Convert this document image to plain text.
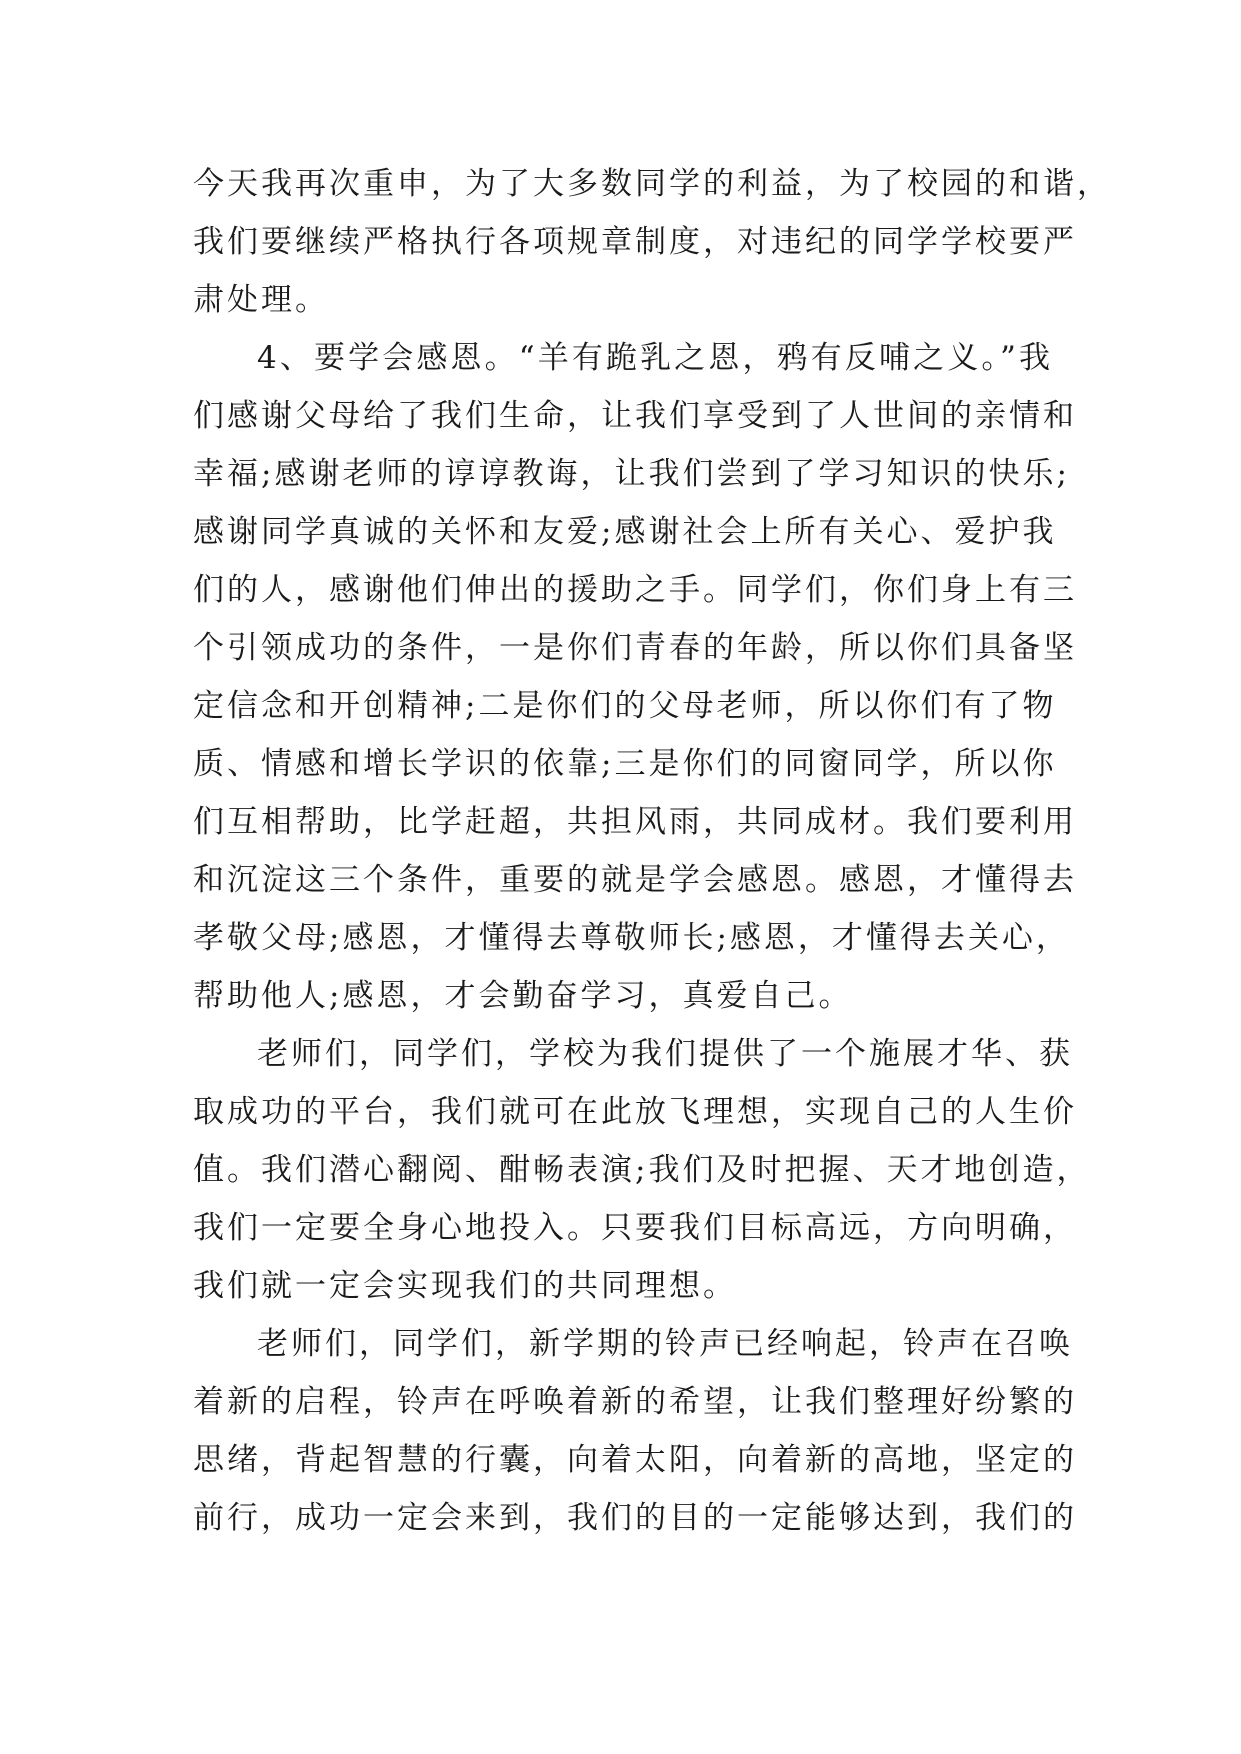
今天我再次重申，为了大多数同学的利益，为了校园的和谐，
我们要继续严格执行各项规章制度，对违纪的同学学校要严
肃处理。
4、要学会感恩。“羊有跪乳之恩，鸦有反哺之义。”我
们感谢父母给了我们生命，让我们享受到了人世间的亲情和
幸福;感谢老师的谆谆教诲，让我们尝到了学习知识的快乐;
感谢同学真诚的关怀和友爱;感谢社会上所有关心、爱护我
们的人，感谢他们伸出的援助之手。同学们，你们身上有三
个引领成功的条件，一是你们青春的年龄，所以你们具备坚
定信念和开创精神;二是你们的父母老师，所以你们有了物
质、情感和增长学识的依靠;三是你们的同窗同学，所以你
们互相帮助，比学赶超，共担风雨，共同成材。我们要利用
和沉淀这三个条件，重要的就是学会感恩。感恩，才懂得去
孝敬父母;感恩，才懂得去尊敬师长;感恩，才懂得去关心，
帮助他人;感恩，才会勤奋学习，真爱自己。
老师们，同学们，学校为我们提供了一个施展才华、获
取成功的平台，我们就可在此放飞理想，实现自己的人生价
值。我们潜心翻阅、酣畅表演;我们及时把握、天才地创造，
我们一定要全身心地投入。只要我们目标高远，方向明确，
我们就一定会实现我们的共同理想。
老师们，同学们，新学期的铃声已经响起，铃声在召唤
着新的启程，铃声在呼唤着新的希望，让我们整理好纷繁的
思绪，背起智慧的行囊，向着太阳，向着新的高地，坚定的
前行，成功一定会来到，我们的目的一定能够达到，我们的
